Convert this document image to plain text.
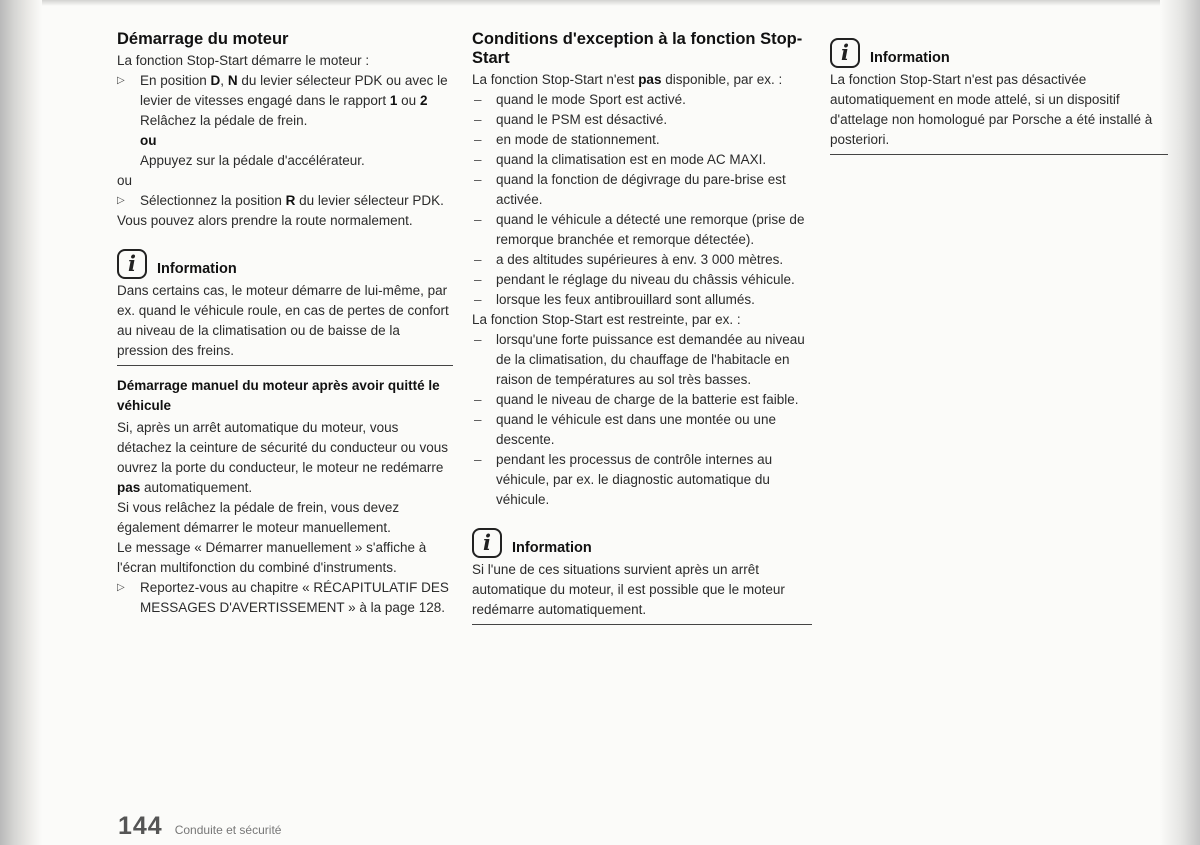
Démarrage du moteur

La fonction Stop-Start démarre le moteur :

▷ En position D, N du levier sélecteur PDK ou avec le levier de vitesses engagé dans le rapport 1 ou 2

Relâchez la pédale de frein.

ou

Appuyez sur la pédale d'accélérateur.

ou

▷ Sélectionnez la position R du levier sélecteur PDK.

Vous pouvez alors prendre la route normalement.

i	Information

Dans certains cas, le moteur démarre de lui-même, par ex. quand le véhicule roule, en cas de pertes de confort au niveau de la climatisation ou de baisse de la pression des freins.

Démarrage manuel du moteur après avoir quitté le véhicule

Si, après un arrêt automatique du moteur, vous détachez la ceinture de sécurité du conducteur ou vous ouvrez la porte du conducteur, le moteur ne redémarre pas automatiquement.

Si vous relâchez la pédale de frein, vous devez également démarrer le moteur manuellement.

Le message « Démarrer manuellement » s'affiche à l'écran multifonction du combiné d'instruments.

▷ Reportez-vous au chapitre « RÉCAPITULATIF DES MESSAGES D'AVERTISSEMENT » à la page 128.
Conditions d'exception à la fonction Stop-Start

La fonction Stop-Start n'est pas disponible, par ex. :

– quand le mode Sport est activé.
– quand le PSM est désactivé.
– en mode de stationnement.
– quand la climatisation est en mode AC MAXI.
– quand la fonction de dégivrage du pare-brise est activée.
– quand le véhicule a détecté une remorque (prise de remorque branchée et remorque détectée).
– a des altitudes supérieures à env. 3 000 mètres.
– pendant le réglage du niveau du châssis véhicule.
– lorsque les feux antibrouillard sont allumés.

La fonction Stop-Start est restreinte, par ex. :

– lorsqu'une forte puissance est demandée au niveau de la climatisation, du chauffage de l'habitacle en raison de températures au sol très basses.
– quand le niveau de charge de la batterie est faible.
– quand le véhicule est dans une montée ou une descente.
– pendant les processus de contrôle internes au véhicule, par ex. le diagnostic automatique du véhicule.
i	Information

Si l'une de ces situations survient après un arrêt automatique du moteur, il est possible que le moteur redémarre automatiquement.

i	Information

La fonction Stop-Start n'est pas désactivée automatiquement en mode attelé, si un dispositif d'attelage non homologué par Porsche a été installé à posteriori.

144 Conduite et sécurité
